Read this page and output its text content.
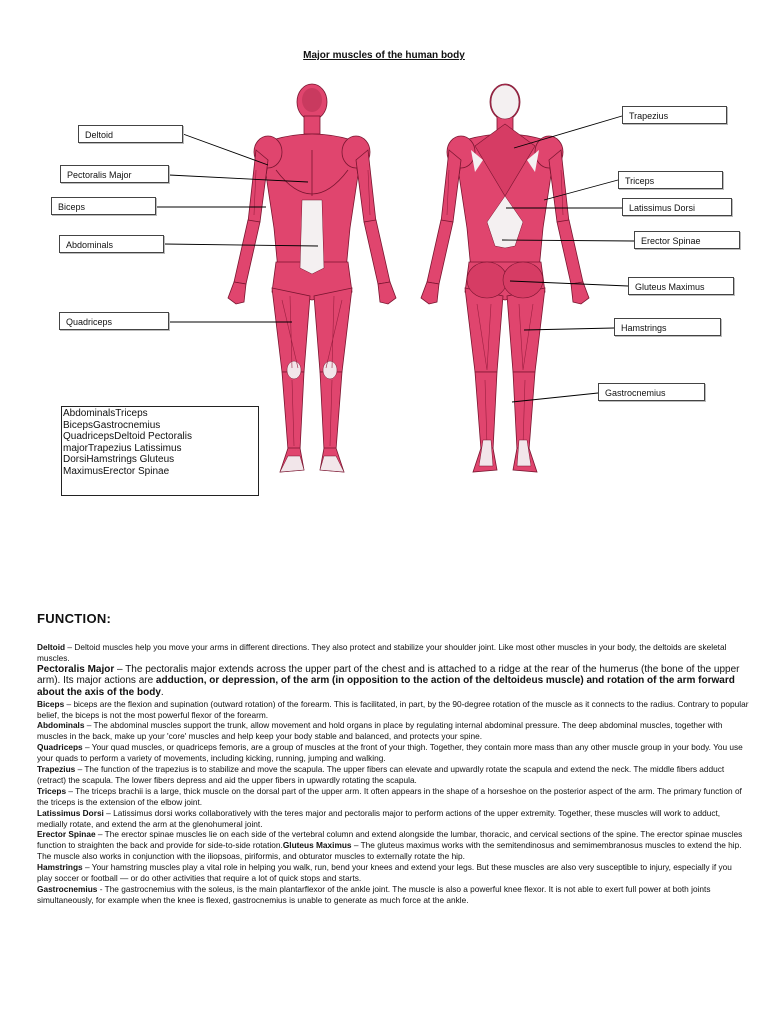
Major muscles of the human body
Deltoid
Pectoralis Major
Biceps
Abdominals
Quadriceps
Trapezius
Triceps
Latissimus Dorsi
Erector Spinae
Gluteus Maximus
Hamstrings
Gastrocnemius
AbdominalsTriceps
BicepsGastrocnemius
QuadricepsDeltoid Pectoralis
majorTrapezius Latissimus
DorsiHamstrings Gluteus
MaximusErector Spinae
FUNCTION:

Deltoid – Deltoid muscles help you move your arms in different directions. They also protect and stabilize your shoulder joint. Like most other muscles in your body, the deltoids are skeletal muscles.

Pectoralis Major – The pectoralis major extends across the upper part of the chest and is attached to a ridge at the rear of the humerus (the bone of the upper arm). Its major actions are adduction, or depression, of the arm (in opposition to the action of the deltoideus muscle) and rotation of the arm forward about the axis of the body.

Biceps – biceps are the flexion and supination (outward rotation) of the forearm. This is facilitated, in part, by the 90-degree rotation of the muscle as it connects to the radius. Contrary to popular belief, the biceps is not the most powerful flexor of the forearm.

Abdominals – The abdominal muscles support the trunk, allow movement and hold organs in place by regulating internal abdominal pressure. The deep abdominal muscles, together with muscles in the back, make up your 'core' muscles and help keep your body stable and balanced, and protects your spine.

Quadriceps – Your quad muscles, or quadriceps femoris, are a group of muscles at the front of your thigh. Together, they contain more mass than any other muscle group in your body. You use your quads to perform a variety of movements, including kicking, running, jumping and walking.

Trapezius – The function of the trapezius is to stabilize and move the scapula. The upper fibers can elevate and upwardly rotate the scapula and extend the neck. The middle fibers adduct (retract) the scapula. The lower fibers depress and aid the upper fibers in upwardly rotating the scapula.

Triceps – The triceps brachii is a large, thick muscle on the dorsal part of the upper arm. It often appears in the shape of a horseshoe on the posterior aspect of the arm. The primary function of the triceps is the extension of the elbow joint.

Latissimus Dorsi – Latissimus dorsi works collaboratively with the teres major and pectoralis major to perform actions of the upper extremity. Together, these muscles will work to adduct, medially rotate, and extend the arm at the glenohumeral joint.

Erector Spinae – The erector spinae muscles lie on each side of the vertebral column and extend alongside the lumbar, thoracic, and cervical sections of the spine. The erector spinae muscles function to straighten the back and provide for side-to-side rotation.Gluteus Maximus – The gluteus maximus works with the semitendinosus and semimembranosus muscles to extend the hip. The muscle also works in conjunction with the iliopsoas, piriformis, and obturator muscles to externally rotate the hip.

Hamstrings – Your hamstring muscles play a vital role in helping you walk, run, bend your knees and extend your legs. But these muscles are also very susceptible to injury, especially if you play soccer or football — or do other activities that require a lot of quick stops and starts.

Gastrocnemius - The gastrocnemius with the soleus, is the main plantarflexor of the ankle joint. The muscle is also a powerful knee flexor. It is not able to exert full power at both joints simultaneously, for example when the knee is flexed, gastrocnemius is unable to generate as much force at the ankle.
